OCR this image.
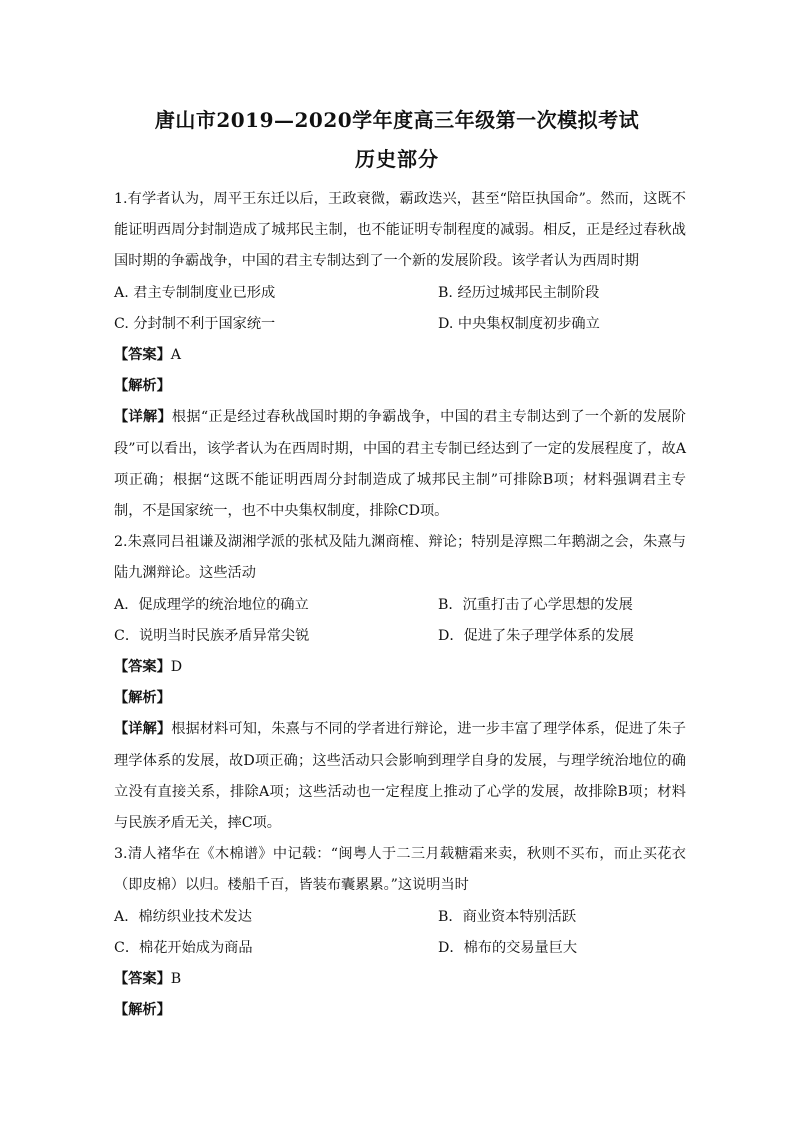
唐山市2019—2020学年度高三年级第一次模拟考试
历史部分

1.有学者认为，周平王东迁以后，王政衰微，霸政迭兴，甚至“陪臣执国命”。然而，这既不能证明西周分封制造成了城邦民主制，也不能证明专制程度的减弱。相反，正是经过春秋战国时期的争霸战争，中国的君主专制达到了一个新的发展阶段。该学者认为西周时期

A. 君主专制制度业已形成	B. 经历过城邦民主制阶段
C. 分封制不利于国家统一	D. 中央集权制度初步确立

【答案】A

【解析】

【详解】根据“正是经过春秋战国时期的争霸战争，中国的君主专制达到了一个新的发展阶段”可以看出，该学者认为在西周时期，中国的君主专制已经达到了一定的发展程度了，故A项正确；根据“这既不能证明西周分封制造成了城邦民主制”可排除B项；材料强调君主专制，不是国家统一，也不中央集权制度，排除CD项。

2.朱熹同吕祖谦及湖湘学派的张栻及陆九渊商榷、辩论；特别是淳熙二年鹅湖之会，朱熹与陆九渊辩论。这些活动

A．促成理学的统治地位的确立	B．沉重打击了心学思想的发展
C．说明当时民族矛盾异常尖锐	D．促进了朱子理学体系的发展

【答案】D

【解析】

【详解】根据材料可知，朱熹与不同的学者进行辩论，进一步丰富了理学体系，促进了朱子理学体系的发展，故D项正确；这些活动只会影响到理学自身的发展，与理学统治地位的确立没有直接关系，排除A项；这些活动也一定程度上推动了心学的发展，故排除B项；材料与民族矛盾无关，摔C项。

3.清人褚华在《木棉谱》中记载：“闽粤人于二三月载糖霜来卖，秋则不买布，而止买花衣（即皮棉）以归。楼船千百，皆装布囊累累。”这说明当时

A．棉纺织业技术发达	B．商业资本特别活跃
C．棉花开始成为商品	D．棉布的交易量巨大

【答案】B

【解析】
